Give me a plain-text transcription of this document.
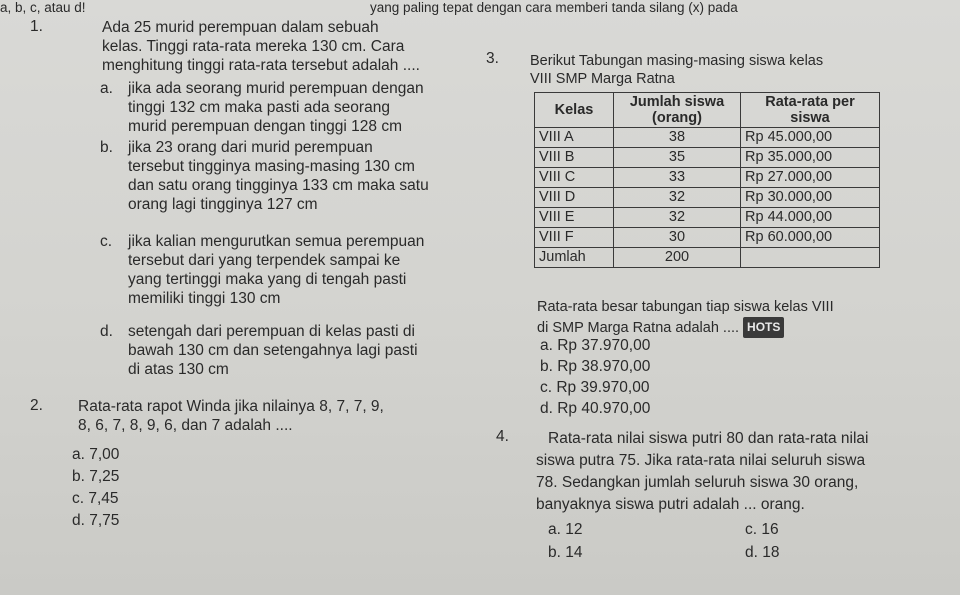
a, b, c, atau d!	yang paling tepat dengan cara memberi tanda silang (x) pada
1.	Ada 25 murid perempuan dalam sebuah
kelas. Tinggi rata-rata mereka 130 cm. Cara
menghitung tinggi rata-rata tersebut adalah ....
a. jika ada seorang murid perempuan dengan
tinggi 132 cm maka pasti ada seorang
murid perempuan dengan tinggi 128 cm
b. jika 23 orang dari murid perempuan
tersebut tingginya masing-masing 130 cm
dan satu orang tingginya 133 cm maka satu
orang lagi tingginya 127 cm
c. jika kalian mengurutkan semua perempuan
tersebut dari yang terpendek sampai ke
yang tertinggi maka yang di tengah pasti
memiliki tinggi 130 cm
d. setengah dari perempuan di kelas pasti di
bawah 130 cm dan setengahnya lagi pasti
di atas 130 cm
2. Rata-rata rapot Winda jika nilainya 8, 7, 7, 9,
8, 6, 7, 8, 9, 6, dan 7 adalah ....
a. 7,00
b. 7,25
c. 7,45
d. 7,75
3. Berikut Tabungan masing-masing siswa kelas
VIII SMP Marga Ratna
Kelas	Jumlah siswa (orang)	Rata-rata per siswa
VIII A	38	Rp 45.000,00
VIII B	35	Rp 35.000,00
VIII C	33	Rp 27.000,00
VIII D	32	Rp 30.000,00
VIII E	32	Rp 44.000,00
VIII F	30	Rp 60.000,00
Jumlah	200	
Rata-rata besar tabungan tiap siswa kelas VIII
di SMP Marga Ratna adalah .... HOTS
a. Rp 37.970,00
b. Rp 38.970,00
c. Rp 39.970,00
d. Rp 40.970,00
4.	Rata-rata nilai siswa putri 80 dan rata-rata nilai
siswa putra 75. Jika rata-rata nilai seluruh siswa
78. Sedangkan jumlah seluruh siswa 30 orang,
banyaknya siswa putri adalah ... orang.
a. 12
b. 14
c. 16
d. 18
